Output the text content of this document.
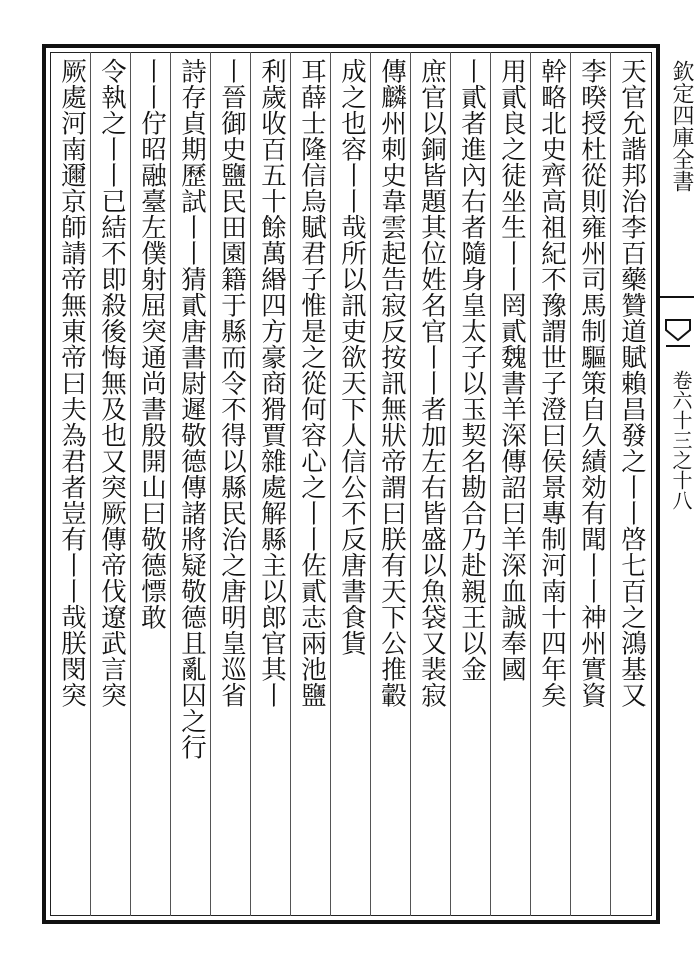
天官允諧邦治李百藥贊道賦賴昌發之丨丨啓七百之鴻基又
李暌授杜從則雍州司馬制驅策自久績効有聞丨丨神州實資
幹略北史齊高祖紀不豫謂世子澄曰侯景專制河南十四年矣
用貳良之徒坐生丨丨罔貳魏書羊深傳詔曰羊深血誠奉國
丨貳者進內右者隨身皇太子以玉契名勘合乃赴親王以金
庶官以銅皆題其位姓名官丨丨者加左右皆盛以魚袋又裴寂
傳麟州刺史韋雲起告寂反按訊無狀帝謂曰朕有天下公推轂
成之也容丨丨哉所以訊吏欲天下人信公不反唐書食貨
耳薛士隆信烏賦君子惟是之從何容心之丨丨佐貳志兩池鹽
利歲收百五十餘萬緡四方豪商猾賈雜處解縣主以郎官其丨
丨晉御史鹽民田園籍于縣而令不得以縣民治之唐明皇巡省
詩存貞期歷試丨丨猜貳唐書尉遲敬德傳諸將疑敬德且亂囚之行
丨丨佇昭融臺左僕射屈突通尚書殷開山曰敬德慓敢
令執之丨丨已結不即殺後悔無及也又突厥傳帝伐遼武言突
厥處河南邇京師請帝無東帝曰夫為君者豈有丨丨哉朕閔突	欽定四庫全書
卷六十三之十八
